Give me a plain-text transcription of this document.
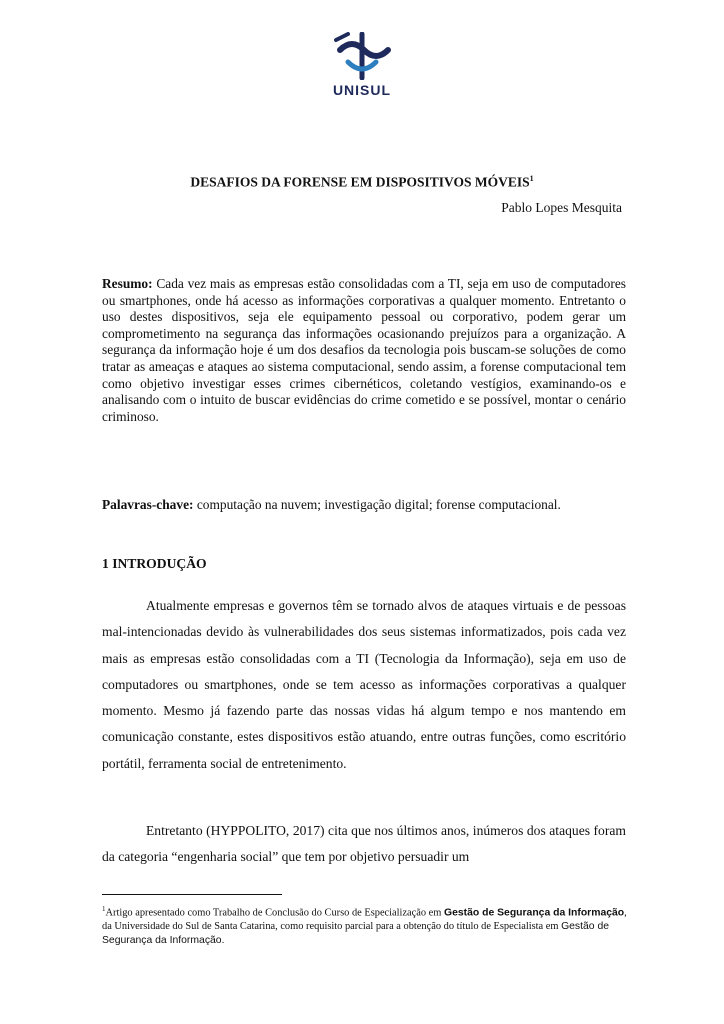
UNISUL
DESAFIOS DA FORENSE EM DISPOSITIVOS MÓVEIS$^1$
Pablo Lopes Mesquita
Resumo: Cada vez mais as empresas estão consolidadas com a TI, seja em uso de computadores ou smartphones, onde há acesso as informações corporativas a qualquer momento. Entretanto o uso destes dispositivos, seja ele equipamento pessoal ou corporativo, podem gerar um comprometimento na segurança das informações ocasionando prejuízos para a organização. A segurança da informação hoje é um dos desafios da tecnologia pois buscam-se soluções de como tratar as ameaças e ataques ao sistema computacional, sendo assim, a forense computacional tem como objetivo investigar esses crimes cibernéticos, coletando vestígios, examinando-os e analisando com o intuito de buscar evidências do crime cometido e se possível, montar o cenário criminoso.
Palavras-chave: computação na nuvem; investigação digital; forense computacional.
1 INTRODUÇÃO
Atualmente empresas e governos têm se tornado alvos de ataques virtuais e de pessoas mal-intencionadas devido às vulnerabilidades dos seus sistemas informatizados, pois cada vez mais as empresas estão consolidadas com a TI (Tecnologia da Informação), seja em uso de computadores ou smartphones, onde se tem acesso as informações corporativas a qualquer momento. Mesmo já fazendo parte das nossas vidas há algum tempo e nos mantendo em comunicação constante, estes dispositivos estão atuando, entre outras funções, como escritório portátil, ferramenta social de entretenimento.
Entretanto (HYPPOLITO, 2017) cita que nos últimos anos, inúmeros dos ataques foram da categoria “engenharia social” que tem por objetivo persuadir um
$^1$Artigo apresentado como Trabalho de Conclusão do Curso de Especialização em Gestão de Segurança da Informação, da Universidade do Sul de Santa Catarina, como requisito parcial para a obtenção do título de Especialista em Gestão de Segurança da Informação.
